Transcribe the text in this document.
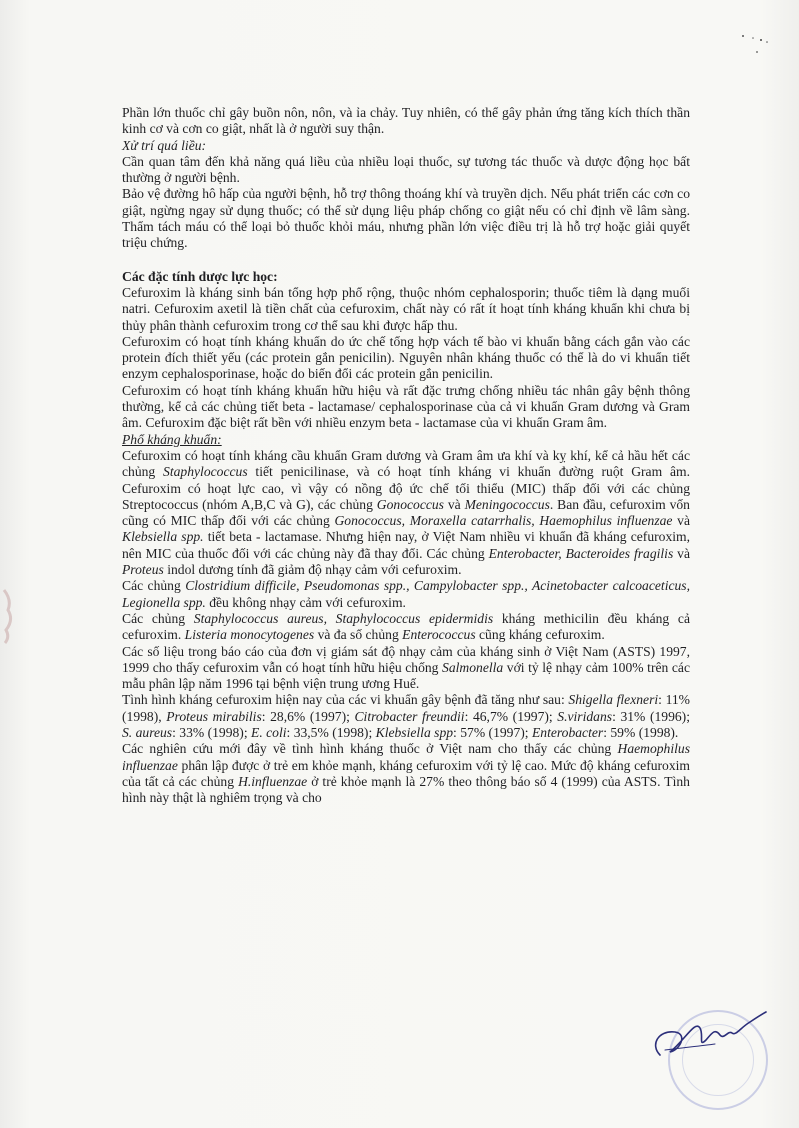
Phần lớn thuốc chỉ gây buồn nôn, nôn, và ỉa chảy. Tuy nhiên, có thể gây phản ứng tăng kích thích thần kinh cơ và cơn co giật, nhất là ở người suy thận.

Xử trí quá liều:

Cần quan tâm đến khả năng quá liều của nhiều loại thuốc, sự tương tác thuốc và dược động học bất thường ở người bệnh.

Bảo vệ đường hô hấp của người bệnh, hỗ trợ thông thoáng khí và truyền dịch. Nếu phát triển các cơn co giật, ngừng ngay sử dụng thuốc; có thể sử dụng liệu pháp chống co giật nếu có chỉ định về lâm sàng. Thẩm tách máu có thể loại bỏ thuốc khỏi máu, nhưng phần lớn việc điều trị là hỗ trợ hoặc giải quyết triệu chứng.

Các đặc tính dược lực học:

Cefuroxim là kháng sinh bán tổng hợp phổ rộng, thuộc nhóm cephalosporin; thuốc tiêm là dạng muối natri. Cefuroxim axetil là tiền chất của cefuroxim, chất này có rất ít hoạt tính kháng khuẩn khi chưa bị thủy phân thành cefuroxim trong cơ thể sau khi được hấp thu.

Cefuroxim có hoạt tính kháng khuẩn do ức chế tổng hợp vách tế bào vi khuẩn bằng cách gắn vào các protein đích thiết yếu (các protein gắn penicilin). Nguyên nhân kháng thuốc có thể là do vi khuẩn tiết enzym cephalosporinase, hoặc do biến đổi các protein gắn penicilin.

Cefuroxim có hoạt tính kháng khuẩn hữu hiệu và rất đặc trưng chống nhiều tác nhân gây bệnh thông thường, kể cả các chủng tiết beta - lactamase/ cephalosporinase của cả vi khuẩn Gram dương và Gram âm. Cefuroxim đặc biệt rất bền với nhiều enzym beta - lactamase của vi khuẩn Gram âm.

Phổ kháng khuẩn:

Cefuroxim có hoạt tính kháng cầu khuẩn Gram dương và Gram âm ưa khí và kỵ khí, kể cả hầu hết các chủng Staphylococcus tiết penicilinase, và có hoạt tính kháng vi khuẩn đường ruột Gram âm. Cefuroxim có hoạt lực cao, vì vậy có nồng độ ức chế tối thiểu (MIC) thấp đối với các chủng Streptococcus (nhóm A,B,C và G), các chủng Gonococcus và Meningococcus. Ban đầu, cefuroxim vốn cũng có MIC thấp đối với các chủng Gonococcus, Moraxella catarrhalis, Haemophilus influenzae và Klebsiella spp. tiết beta - lactamase. Nhưng hiện nay, ở Việt Nam nhiều vi khuẩn đã kháng cefuroxim, nên MIC của thuốc đối với các chủng này đã thay đổi. Các chủng Enterobacter, Bacteroides fragilis và Proteus indol dương tính đã giảm độ nhạy cảm với cefuroxim.

Các chủng Clostridium difficile, Pseudomonas spp., Campylobacter spp., Acinetobacter calcoaceticus, Legionella spp. đều không nhạy cảm với cefuroxim.

Các chủng Staphylococcus aureus, Staphylococcus epidermidis kháng methicilin đều kháng cả cefuroxim. Listeria monocytogenes và đa số chủng Enterococcus cũng kháng cefuroxim.

Các số liệu trong báo cáo của đơn vị giám sát độ nhạy cảm của kháng sinh ở Việt Nam (ASTS) 1997, 1999 cho thấy cefuroxim vẫn có hoạt tính hữu hiệu chống Salmonella với tỷ lệ nhạy cảm 100% trên các mẫu phân lập năm 1996 tại bệnh viện trung ương Huế.

Tình hình kháng cefuroxim hiện nay của các vi khuẩn gây bệnh đã tăng như sau: Shigella flexneri: 11% (1998), Proteus mirabilis: 28,6% (1997); Citrobacter freundii: 46,7% (1997); S.viridans: 31% (1996); S. aureus: 33% (1998); E. coli: 33,5% (1998); Klebsiella spp: 57% (1997); Enterobacter: 59% (1998).

Các nghiên cứu mới đây về tình hình kháng thuốc ở Việt nam cho thấy các chủng Haemophilus influenzae phân lập được ở trẻ em khỏe mạnh, kháng cefuroxim với tỷ lệ cao. Mức độ kháng cefuroxim của tất cả các chủng H.influenzae ở trẻ khỏe mạnh là 27% theo thông báo số 4 (1999) của ASTS. Tình hình này thật là nghiêm trọng và cho
